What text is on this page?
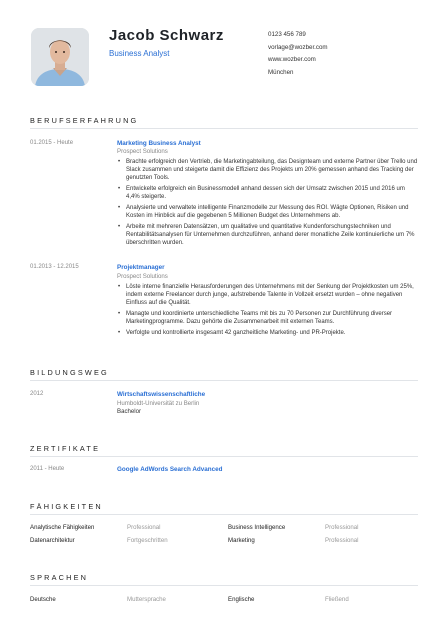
Jacob Schwarz
Business Analyst
0123 456 789
vorlage@wozber.com
www.wozber.com
München
BERUFSERFAHRUNG
01.2015 - Heute	Marketing Business Analyst
Prospect Solutions
• Brachte erfolgreich den Vertrieb, die Marketingabteilung, das Designteam und externe Partner über Trello und Slack zusammen und steigerte damit die Effizienz des Projekts um 20% gemessen anhand des Tracking der genutzten Tools.
• Entwickelte erfolgreich ein Businessmodell anhand dessen sich der Umsatz zwischen 2015 und 2016 um 4,4% steigerte.
• Analysierte und verwaltete intelligente Finanzmodelle zur Messung des ROI. Wägte Optionen, Risiken und Kosten im Hinblick auf die gegebenen 5 Millionen Budget des Unternehmens ab.
• Arbeite mit mehreren Datensätzen, um qualitative und quantitative Kundenforschungstechniken und Rentabilitätsanalysen für Unternehmen durchzuführen, anhand derer monatliche Zeile kontinuierliche um 7% überschritten wurden.
01.2013 - 12.2015	Projektmanager
Prospect Solutions
• Löste interne finanzielle Herausforderungen des Unternehmens mit der Senkung der Projektkosten um 25%, indem externe Freelancer durch junge, aufstrebende Talente in Vollzeit ersetzt wurden – ohne negativen Einfluss auf die Qualität.
• Managte und koordinierte unterschiedliche Teams mit bis zu 70 Personen zur Durchführung diverser Marketingprogramme. Dazu gehörte die Zusammenarbeit mit externen Teams.
• Verfolgte und kontrollierte insgesamt 42 ganzheitliche Marketing- und PR-Projekte.
BILDUNGSWEG
2012	Wirtschaftswissenschaftliche
Humboldt-Universität zu Berlin
Bachelor
ZERTIFIKATE
2011 - Heute	Google AdWords Search Advanced
FÄHIGKEITEN
Analytische Fähigkeiten	Professional	Business Intelligence	Professional
Datenarchitektur	Fortgeschritten	Marketing	Professional
SPRACHEN
Deutsche	Muttersprache	Englische	Fließend
